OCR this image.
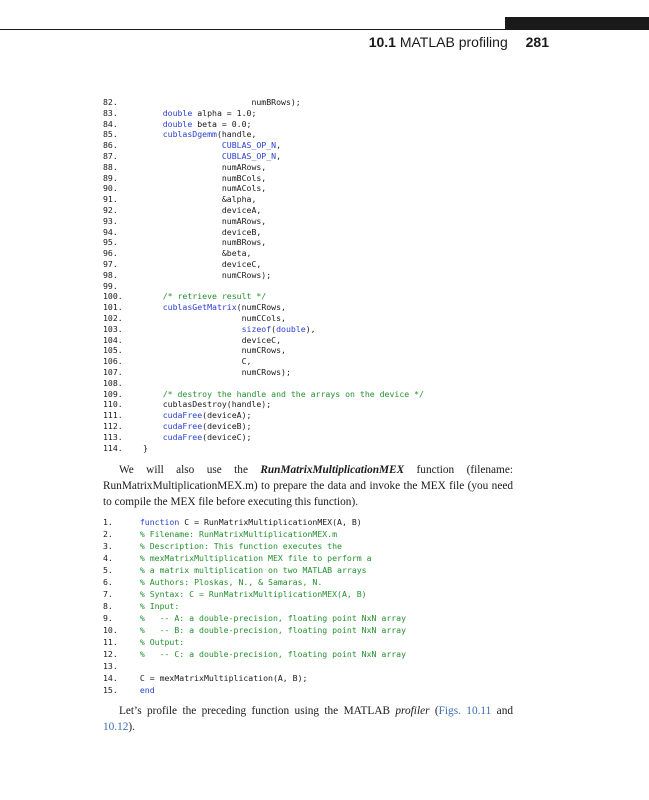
10.1 MATLAB profiling 281
82.	numBRows);
83.	double alpha = 1.0;
84.	double beta = 0.0;
85.	cublasDgemm(handle,
86.	CUBLAS_OP_N,
87.	CUBLAS_OP_N,
88.	numARows,
89.	numBCols,
90.	numACols,
91.	&alpha,
92.	deviceA,
93.	numARows,
94.	deviceB,
95.	numBRows,
96.	&beta,
97.	deviceC,
98.	numCRows);
99.
100.	/* retrieve result */
101.	cublasGetMatrix(numCRows,
102.	numCCols,
103.	sizeof(double),
104.	deviceC,
105.	numCRows,
106.	C,
107.	numCRows);
108.
109.	/* destroy the handle and the arrays on the device */
110.	cublasDestroy(handle);
111.	cudaFree(deviceA);
112.	cudaFree(deviceB);
113.	cudaFree(deviceC);
114. }

We will also use the RunMatrixMultiplicationMEX function (filename: RunMatrixMultiplicationMEX.m) to prepare the data and invoke the MEX file (you need to compile the MEX file before executing this function).

1.	function C = RunMatrixMultiplicationMEX(A, B)
2.	% Filename: RunMatrixMultiplicationMEX.m
3.	% Description: This function executes the
4.	% mexMatrixMultiplication MEX file to perform a
5.	% a matrix multiplication on two MATLAB arrays
6.	% Authors: Ploskas, N., & Samaras, N.
7.	% Syntax: C = RunMatrixMultiplicationMEX(A, B)
8.	% Input:
9.	%   -- A: a double-precision, floating point NxN array
10.	%   -- B: a double-precision, floating point NxN array
11.	% Output:
12.	%   -- C: a double-precision, floating point NxN array
13.
14.	C = mexMatrixMultiplication(A, B);
15.	end

Let’s profile the preceding function using the MATLAB profiler (Figs. 10.11 and 10.12).
